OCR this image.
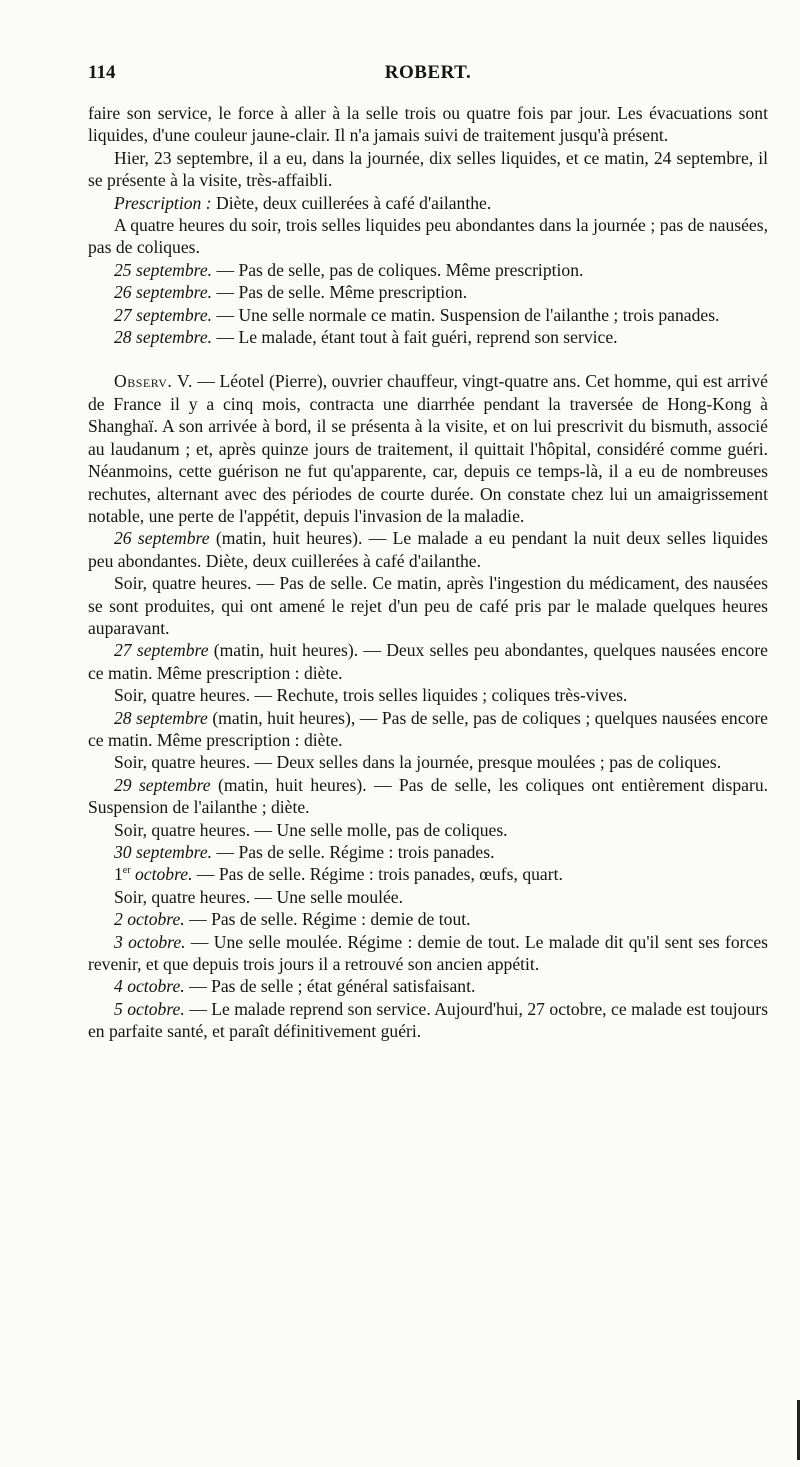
114	ROBERT.

faire son service, le force à aller à la selle trois ou quatre fois par jour. Les évacuations sont liquides, d'une couleur jaune-clair. Il n'a jamais suivi de traitement jusqu'à présent.

Hier, 23 septembre, il a eu, dans la journée, dix selles liquides, et ce matin, 24 septembre, il se présente à la visite, très-affaibli.

Prescription : Diète, deux cuillerées à café d'ailanthe.

A quatre heures du soir, trois selles liquides peu abondantes dans la journée ; pas de nausées, pas de coliques.

25 septembre. — Pas de selle, pas de coliques. Même prescription.

26 septembre. — Pas de selle. Même prescription.

27 septembre. — Une selle normale ce matin. Suspension de l'ailanthe ; trois panades.

28 septembre. — Le malade, étant tout à fait guéri, reprend son service.

Observ. V. — Léotel (Pierre), ouvrier chauffeur, vingt-quatre ans. Cet homme, qui est arrivé de France il y a cinq mois, contracta une diarrhée pendant la traversée de Hong-Kong à Shanghaï. A son arrivée à bord, il se présenta à la visite, et on lui prescrivit du bismuth, associé au laudanum ; et, après quinze jours de traitement, il quittait l'hôpital, considéré comme guéri. Néanmoins, cette guérison ne fut qu'apparente, car, depuis ce temps-là, il a eu de nombreuses rechutes, alternant avec des périodes de courte durée. On constate chez lui un amaigrissement notable, une perte de l'appétit, depuis l'invasion de la maladie.

26 septembre (matin, huit heures). — Le malade a eu pendant la nuit deux selles liquides peu abondantes. Diète, deux cuillerées à café d'ailanthe.

Soir, quatre heures. — Pas de selle. Ce matin, après l'ingestion du médicament, des nausées se sont produites, qui ont amené le rejet d'un peu de café pris par le malade quelques heures auparavant.

27 septembre (matin, huit heures). — Deux selles peu abondantes, quelques nausées encore ce matin. Même prescription : diète.

Soir, quatre heures. — Rechute, trois selles liquides ; coliques très-vives.

28 septembre (matin, huit heures), — Pas de selle, pas de coliques ; quelques nausées encore ce matin. Même prescription : diète.

Soir, quatre heures. — Deux selles dans la journée, presque moulées ; pas de coliques.

29 septembre (matin, huit heures). — Pas de selle, les coliques ont entièrement disparu. Suspension de l'ailanthe ; diète.

Soir, quatre heures. — Une selle molle, pas de coliques.

30 septembre. — Pas de selle. Régime : trois panades.

1er octobre. — Pas de selle. Régime : trois panades, œufs, quart.

Soir, quatre heures. — Une selle moulée.

2 octobre. — Pas de selle. Régime : demie de tout.

3 octobre. — Une selle moulée. Régime : demie de tout. Le malade dit qu'il sent ses forces revenir, et que depuis trois jours il a retrouvé son ancien appétit.

4 octobre. — Pas de selle ; état général satisfaisant.

5 octobre. — Le malade reprend son service. Aujourd'hui, 27 octobre, ce malade est toujours en parfaite santé, et paraît définitivement guéri.
